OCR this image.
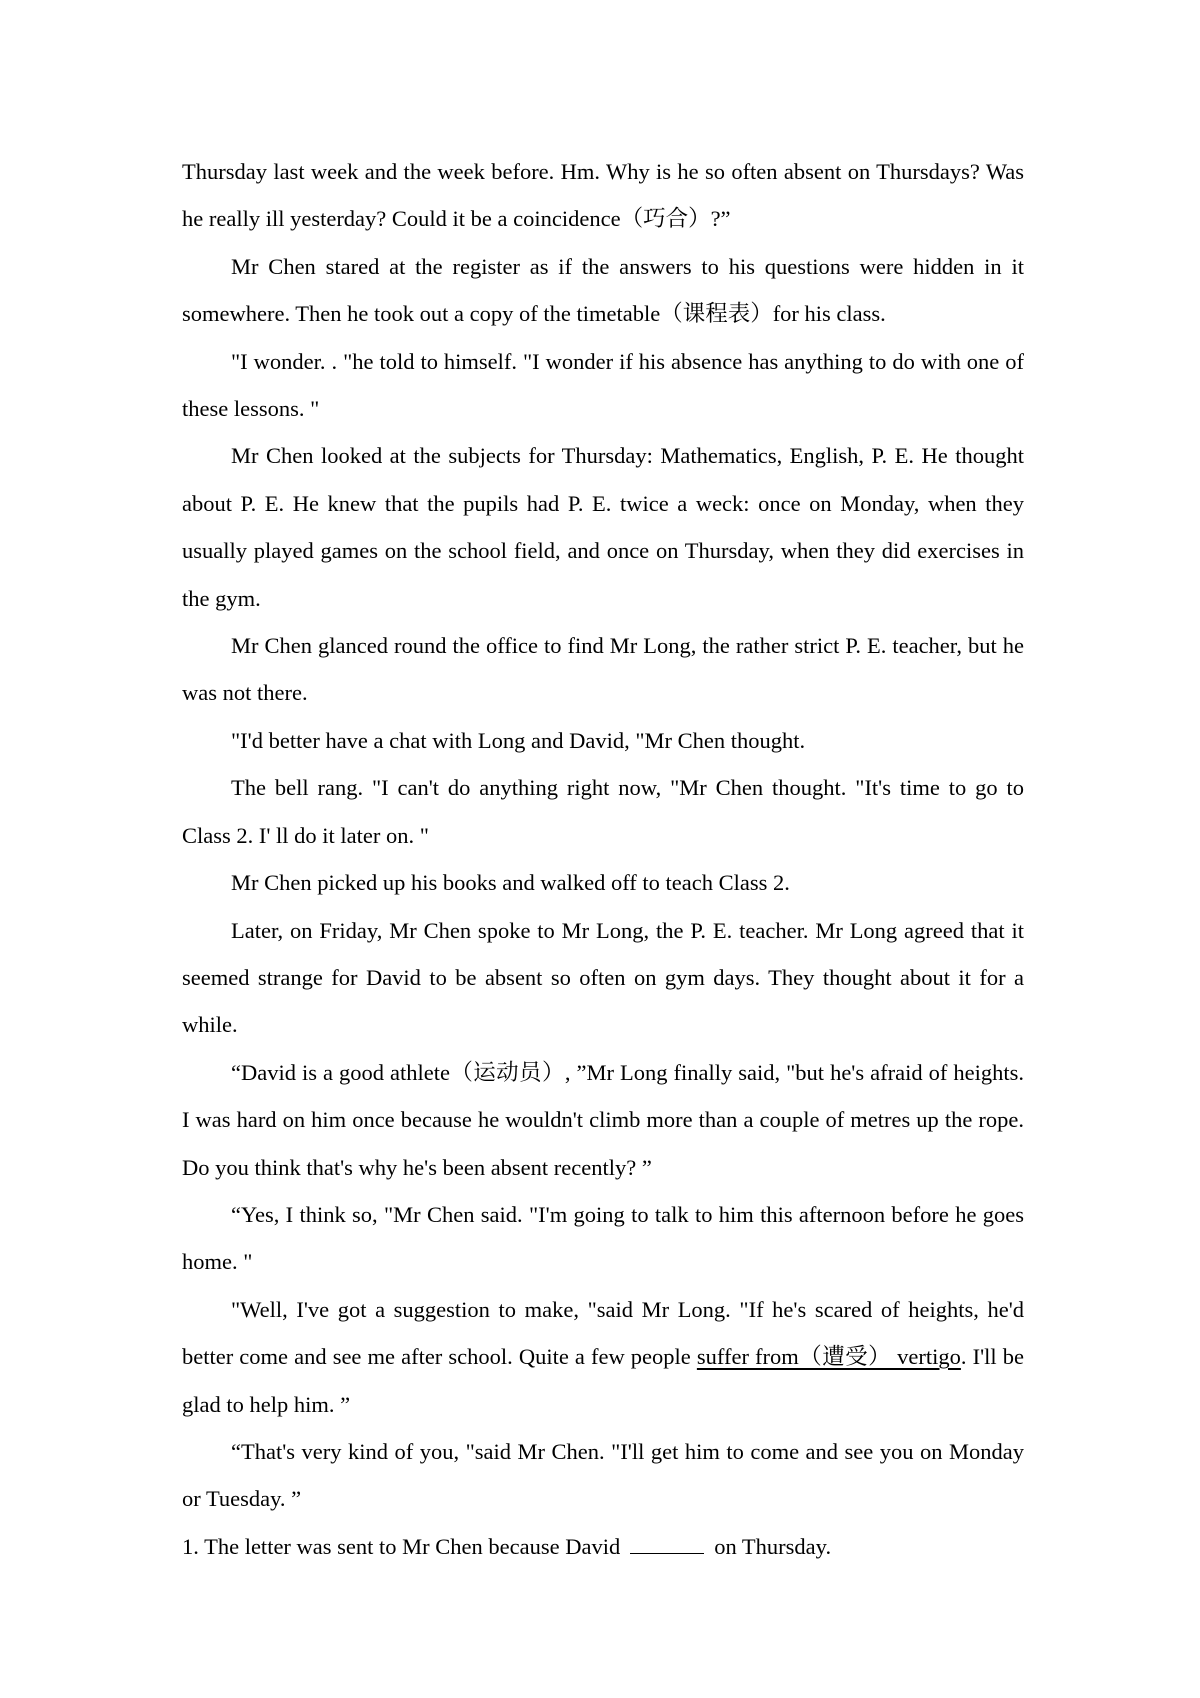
Thursday last week and the week before. Hm. Why is he so often absent on Thursdays? Was he really ill yesterday? Could it be a coincidence（巧合）?”

Mr Chen stared at the register as if the answers to his questions were hidden in it somewhere. Then he took out a copy of the timetable（课程表）for his class.

"I wonder. . "he told to himself. "I wonder if his absence has anything to do with one of these lessons. "

Mr Chen looked at the subjects for Thursday: Mathematics, English, P. E. He thought about P. E. He knew that the pupils had P. E. twice a weck: once on Monday, when they usually played games on the school field, and once on Thursday, when they did exercises in the gym.

Mr Chen glanced round the office to find Mr Long, the rather strict P. E. teacher, but he was not there.

"I'd better have a chat with Long and David, "Mr Chen thought.

The bell rang. "I can't do anything right now, "Mr Chen thought. "It's time to go to Class 2. I' ll do it later on. "

Mr Chen picked up his books and walked off to teach Class 2.

Later, on Friday, Mr Chen spoke to Mr Long, the P. E. teacher. Mr Long agreed that it seemed strange for David to be absent so often on gym days. They thought about it for a while.

“David is a good athlete（运动员）, ”Mr Long finally said, "but he's afraid of heights. I was hard on him once because he wouldn't climb more than a couple of metres up the rope. Do you think that's why he's been absent recently? ”

“Yes, I think so, "Mr Chen said. "I'm going to talk to him this afternoon before he goes home. "

"Well, I've got a suggestion to make, "said Mr Long. "If he's scared of heights, he'd better come and see me after school. Quite a few people suffer from（遭受） vertigo. I'll be glad to help him. ”

“That's very kind of you, "said Mr Chen. "I'll get him to come and see you on Monday or Tuesday. ”

1. The letter was sent to Mr Chen because David	on Thursday.
